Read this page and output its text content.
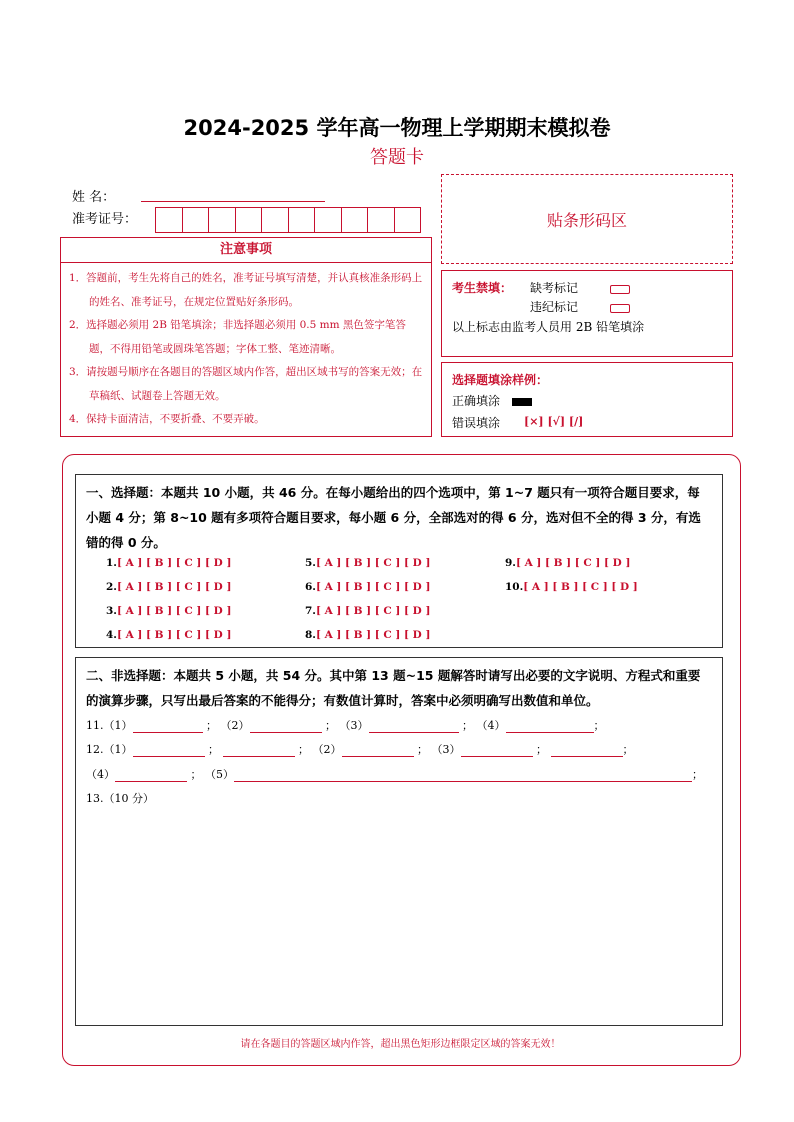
2024-2025 学年高一物理上学期期末模拟卷
答题卡
姓 名：
准考证号：	贴条形码区
注意事项
1．答题前，考生先将自己的姓名，准考证号填写清楚，并认真核准条形码上的姓名、准考证号，在规定位置贴好条形码。
2．选择题必须用 2B 铅笔填涂；非选择题必须用 0.5 mm 黑色签字笔答题，不得用铅笔或圆珠笔答题；字体工整、笔迹清晰。
3．请按题号顺序在各题目的答题区域内作答，超出区域书写的答案无效；在草稿纸、试题卷上答题无效。
4．保持卡面清洁，不要折叠、不要弄破。
考生禁填： 缺考标记
违纪标记
以上标志由监考人员用 2B 铅笔填涂
选择题填涂样例：
正确填涂
错误填涂 [×] [√] [/]
一、选择题：本题共 10 小题，共 46 分。在每小题给出的四个选项中，第 1~7 题只有一项符合题目要求，每小题 4 分；第 8~10 题有多项符合题目要求，每小题 6 分，全部选对的得 6 分，选对但不全的得 3 分，有选错的得 0 分。
1.[ A ] [ B ] [ C ] [ D ]
2.[ A ] [ B ] [ C ] [ D ]
3.[ A ] [ B ] [ C ] [ D ]
4.[ A ] [ B ] [ C ] [ D ]
5.[ A ] [ B ] [ C ] [ D ]
6.[ A ] [ B ] [ C ] [ D ]
7.[ A ] [ B ] [ C ] [ D ]
8.[ A ] [ B ] [ C ] [ D ]
9.[ A ] [ B ] [ C ] [ D ]
10.[ A ] [ B ] [ C ] [ D ]
二、非选择题：本题共 5 小题，共 54 分。其中第 13 题~15 题解答时请写出必要的文字说明、方程式和重要的演算步骤，只写出最后答案的不能得分；有数值计算时，答案中必须明确写出数值和单位。
11.（1）	； （2）	； （3）	； （4）	；
12.（1）	；	； （2）	； （3）	；	；
（4）	； （5）	；
13.（10 分）
请在各题目的答题区域内作答，超出黑色矩形边框限定区域的答案无效！
